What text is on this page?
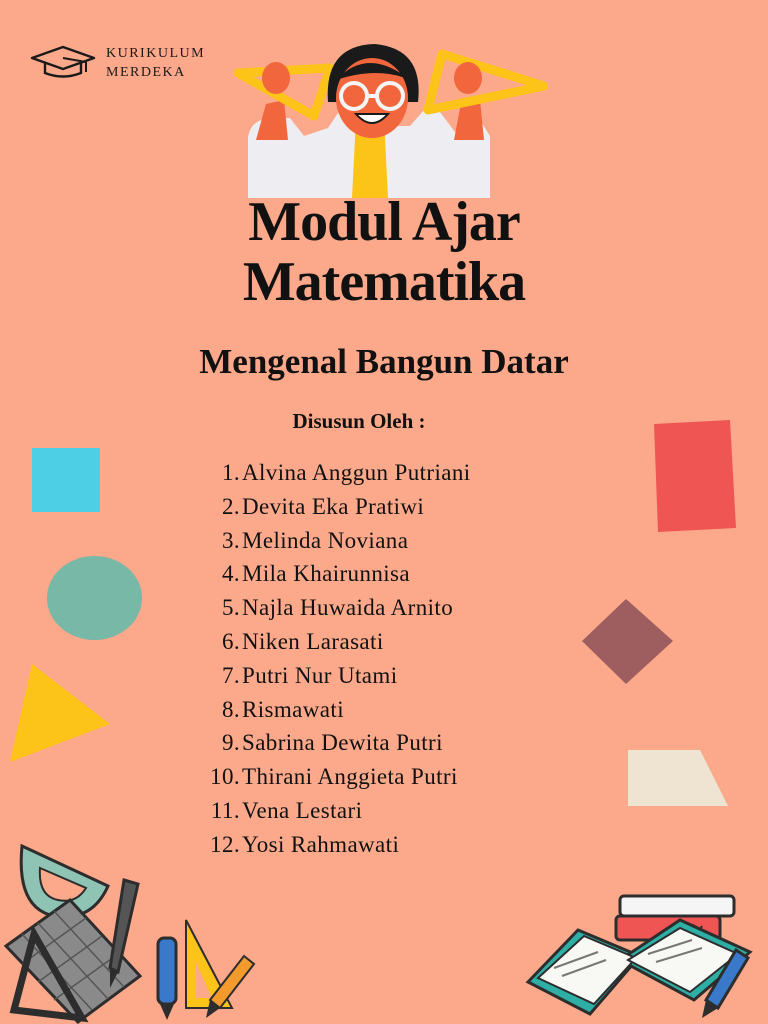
KURIKULUM
MERDEKA
Modul Ajar
Matematika
Mengenal Bangun Datar
Disusun Oleh :
1. Alvina Anggun Putriani
2. Devita Eka Pratiwi
3. Melinda Noviana
4. Mila Khairunnisa
5. Najla Huwaida Arnito
6. Niken Larasati
7. Putri Nur Utami
8. Rismawati
9. Sabrina Dewita Putri
10. Thirani Anggieta Putri
11. Vena Lestari
12. Yosi Rahmawati
